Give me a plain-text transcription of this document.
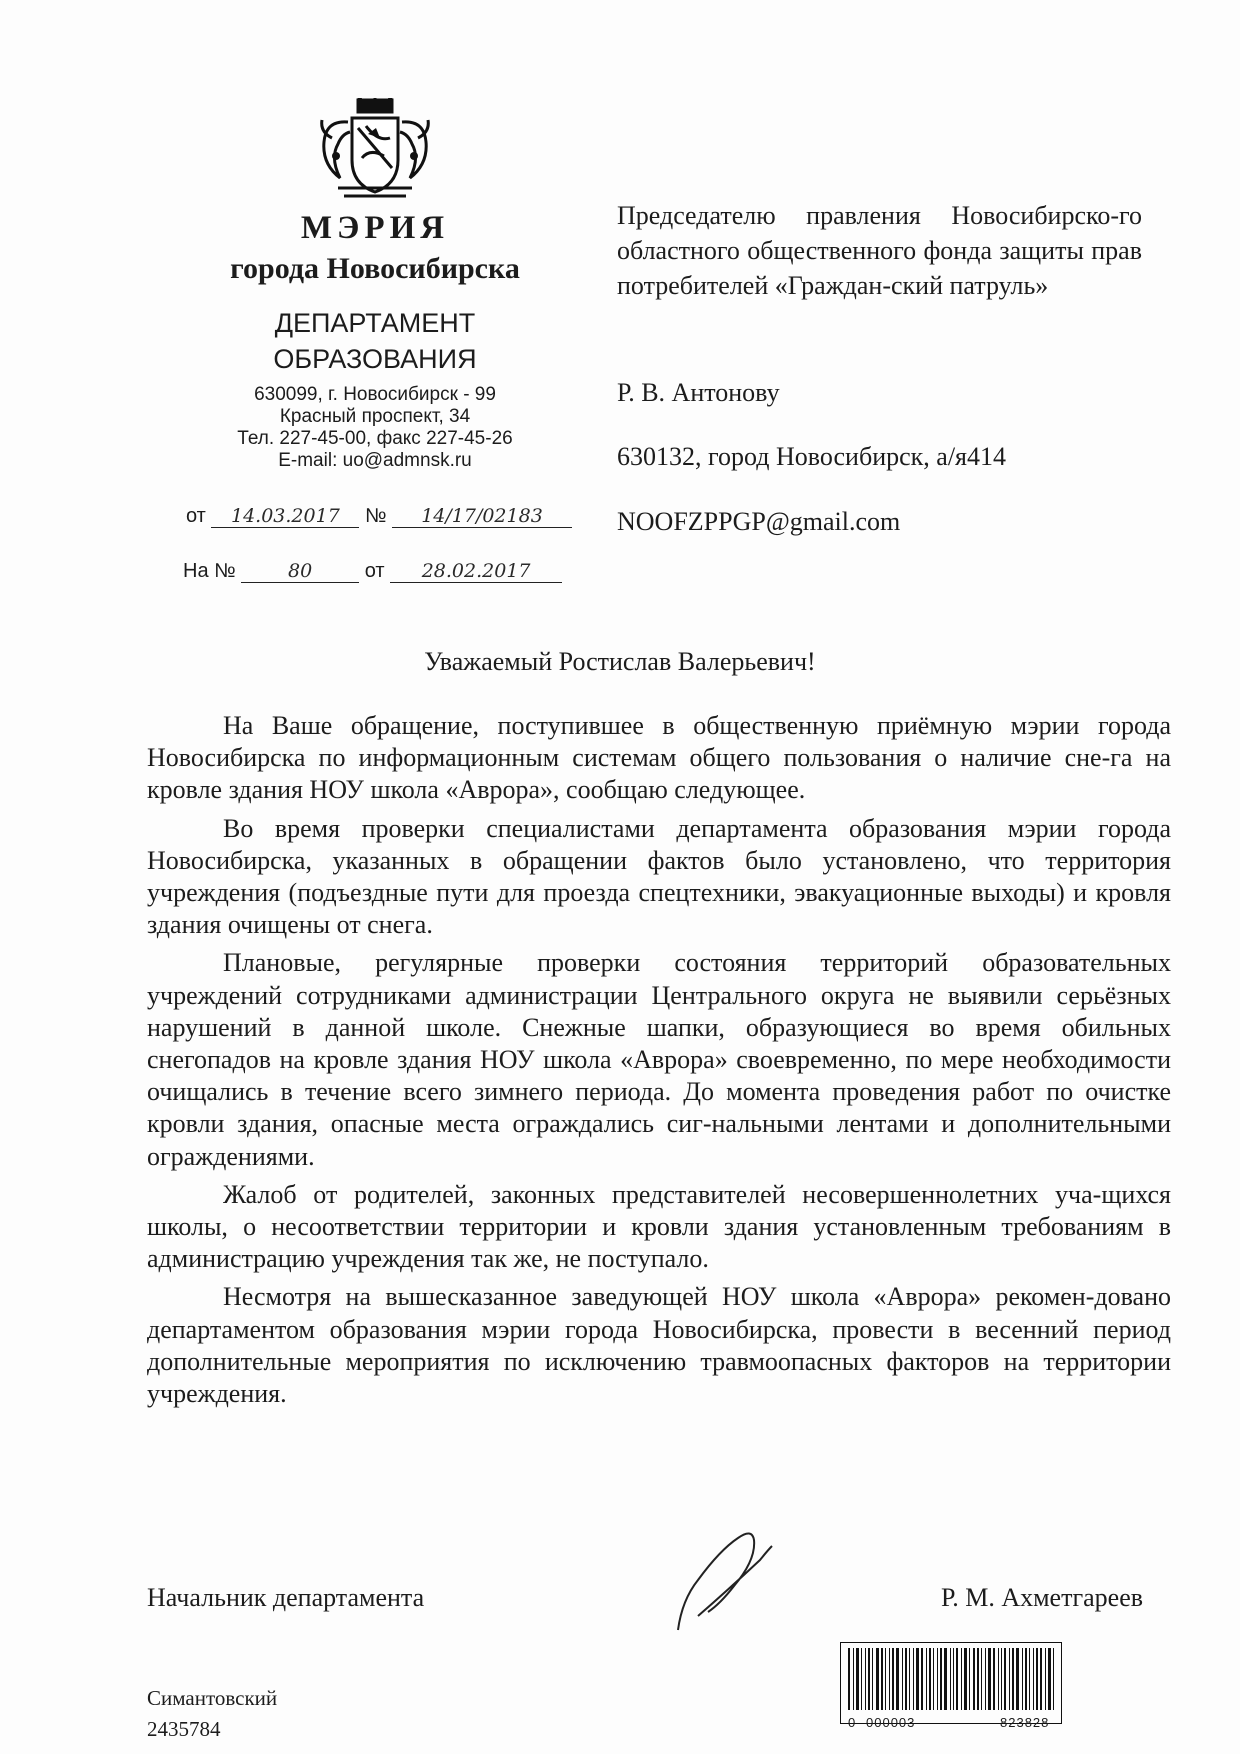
МЭРИЯ
города Новосибирска
ДЕПАРТАМЕНТ
ОБРАЗОВАНИЯ
630099, г. Новосибирск - 99
Красный проспект, 34
Тел. 227-45-00, факс 227-45-26
E-mail: uo@admnsk.ru
от 14.03.2017 № 14/17/02183
На №	80	от 28.02.2017
Председателю правления Новосибирско-го областного общественного фонда защиты прав потребителей «Граждан-ский патруль»
Р. В. Антонову
630132, город Новосибирск, а/я414
NOOFZPPGP@gmail.com
Уважаемый Ростислав Валерьевич!

На Ваше обращение, поступившее в общественную приёмную мэрии города Новосибирска по информационным системам общего пользования о наличие сне-га на кровле здания НОУ школа «Аврора», сообщаю следующее.

Во время проверки специалистами департамента образования мэрии города Новосибирска, указанных в обращении фактов было установлено, что территория учреждения (подъездные пути для проезда спецтехники, эвакуационные выходы) и кровля здания очищены от снега.

Плановые, регулярные проверки состояния территорий образовательных учреждений сотрудниками администрации Центрального округа не выявили серьёзных нарушений в данной школе. Снежные шапки, образующиеся во время обильных снегопадов на кровле здания НОУ школа «Аврора» своевременно, по мере необходимости очищались в течение всего зимнего периода. До момента проведения работ по очистке кровли здания, опасные места ограждались сиг-нальными лентами и дополнительными ограждениями.

Жалоб от родителей, законных представителей несовершеннолетних уча-щихся школы, о несоответствии территории и кровли здания установленным требованиям в администрацию учреждения так же, не поступало.

Несмотря на вышесказанное заведующей НОУ школа «Аврора» рекомен-довано департаментом образования мэрии города Новосибирска, провести в весенний период дополнительные мероприятия по исключению травмоопасных факторов на территории учреждения.

Начальник департамента	Р. М. Ахметгареев
0 000003	823828
Симантовский
2435784
